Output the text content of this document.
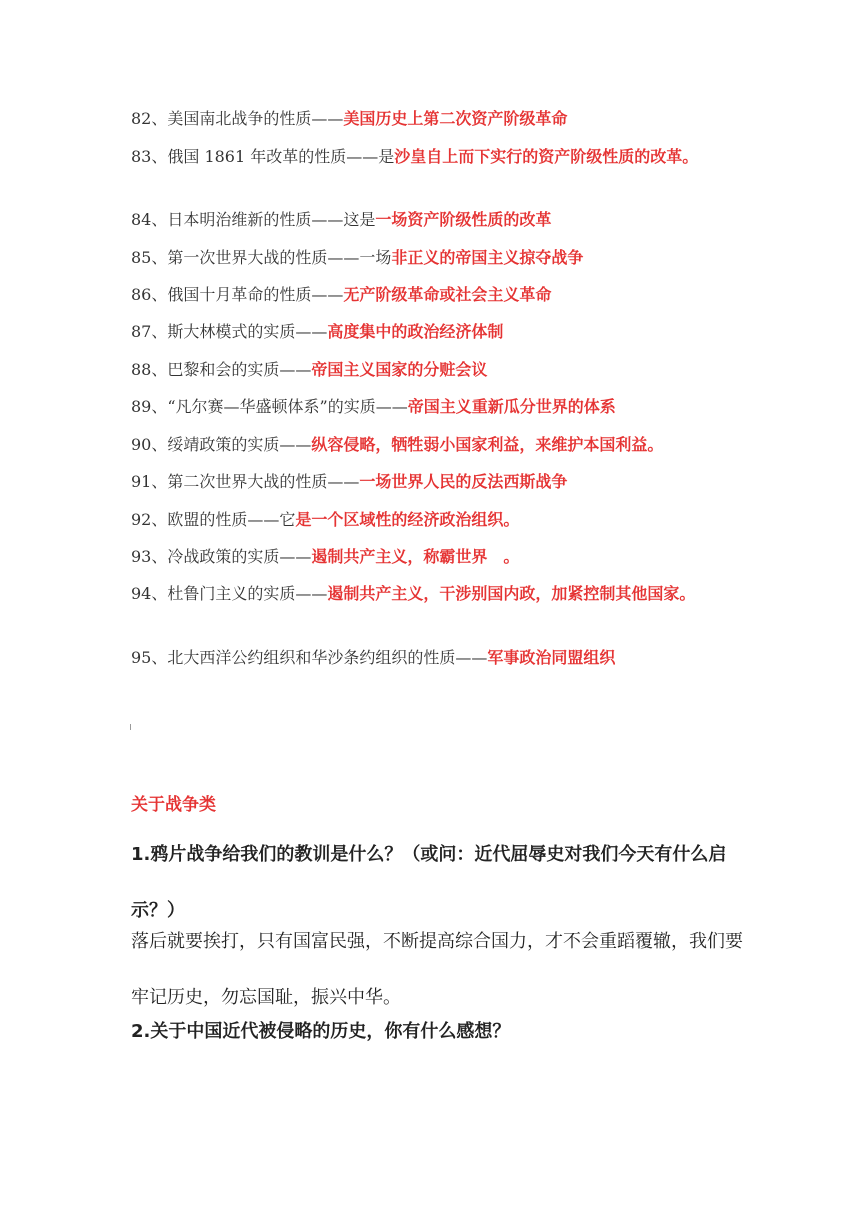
82、美国南北战争的性质——美国历史上第二次资产阶级革命
83、俄国 1861 年改革的性质——是沙皇自上而下实行的资产阶级性质的改革。
84、日本明治维新的性质——这是一场资产阶级性质的改革
85、第一次世界大战的性质——一场非正义的帝国主义掠夺战争
86、俄国十月革命的性质——无产阶级革命或社会主义革命
87、斯大林模式的实质——高度集中的政治经济体制
88、巴黎和会的实质——帝国主义国家的分赃会议
89、“凡尔赛—华盛顿体系”的实质——帝国主义重新瓜分世界的体系
90、绥靖政策的实质——纵容侵略，牺牲弱小国家利益，来维护本国利益。
91、第二次世界大战的性质——一场世界人民的反法西斯战争
92、欧盟的性质——它是一个区域性的经济政治组织。
93、冷战政策的实质——遏制共产主义，称霸世界　。
94、杜鲁门主义的实质——遏制共产主义，干涉别国内政，加紧控制其他国家。
95、北大西洋公约组织和华沙条约组织的性质——军事政治同盟组织
关于战争类
1.鸦片战争给我们的教训是什么？（或问：近代屈辱史对我们今天有什么启示？）
落后就要挨打，只有国富民强，不断提高综合国力，才不会重蹈覆辙，我们要牢记历史，勿忘国耻，振兴中华。
2.关于中国近代被侵略的历史，你有什么感想？
